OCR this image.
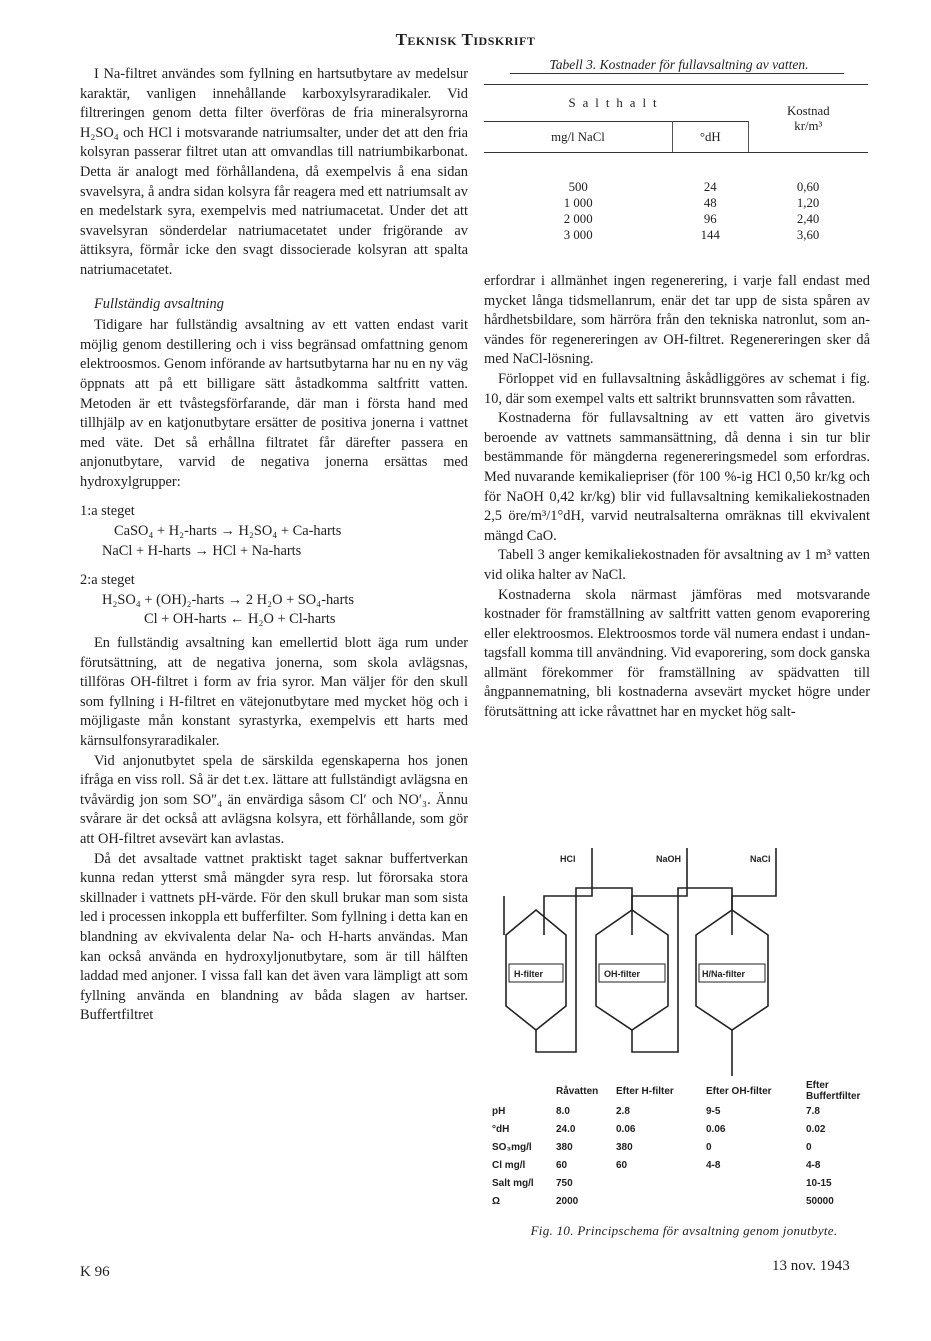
Teknisk Tidskrift

I Na-filtret användes som fyllning en hartsutbytare av medelsur karaktär, vanligen innehållande karboxylsyraradikaler. Vid filtreringen genom detta filter överföras de fria mineralsyrorna H₂SO₄ och HCl i motsvarande natriumsalter, under det att den fria kolsyran passerar filtret utan att omvandlas till natriumbikarbonat. Detta är analogt med förhållandena, då exempelvis å ena sidan svavelsyra, å andra sidan kolsyra får reagera med ett natriumsalt av en medelstark syra, exempelvis med natriumacetat. Under det att svavelsyran sönderdelar natriumacetatet under frigörande av ättiksyra, förmår icke den svagt dissocierade kolsyran att spalta natriumacetatet.

Fullständig avsaltning

Tidigare har fullständig avsaltning av ett vatten endast varit möjlig genom destillering och i viss begränsad omfattning genom elektroosmos. Genom införande av hartsutbytarna har nu en ny väg öppnats att på ett billigare sätt åstadkomma saltfritt vatten. Metoden är ett tvåstegsförfarande, där man i första hand med tillhjälp av en katjonutbytare ersätter de positiva jonerna i vattnet med väte. Det så erhållna filtratet får därefter passera en anjonutbytare, varvid de negativa jonerna ersättas med hydroxylgrupper:

1:a steget
CaSO₄ + H₂-harts → H₂SO₄ + Ca-harts
NaCl + H-harts → HCl + Na-harts
2:a steget
H₂SO₄ + (OH)₂-harts → 2 H₂O + SO₄-harts
Cl + OH-harts ← H₂O + Cl-harts

En fullständig avsaltning kan emellertid blott äga rum under förutsättning, att de negativa jonerna, som skola avlägsnas, tillföras OH-filtret i form av fria syror. Man väljer för den skull som fyllning i H-filtret en vätejonutbytare med mycket hög och i möjligaste mån konstant syrastyrka, exempelvis ett harts med kärnsulfonsyraradikaler.

Vid anjonutbytet spela de särskilda egenskaperna hos jonen ifråga en viss roll. Så är det t.ex. lättare att fullständigt avlägsna en tvåvärdig jon som SO″₄ än envärdiga såsom Cl′ och NO′₃. Ännu svårare är det också att avlägsna kolsyra, ett förhållande, som gör att OH-filtret avsevärt kan avlastas.

Då det avsaltade vattnet praktiskt taget saknar buffertverkan kunna redan ytterst små mängder syra resp. lut förorsaka stora skillnader i vattnets pH-värde. För den skull brukar man som sista led i processen inkoppla ett bufferfilter. Som fyllning i detta kan en blandning av ekvivalenta delar Na- och H-harts användas. Man kan också använda en hydroxyljonutbytare, som är till hälften laddad med anjoner. I vissa fall kan det även vara lämpligt att som fyllning använda en blandning av båda slagen av hartser. Buffertfiltret

Tabell 3. Kostnader för fullavsaltning av vatten.
Salthalt		Kostnad
kr/m³
mg/l NaCl	°dH	
500	24	0,60
1 000	48	1,20
2 000	96	2,40
3 000	144	3,60

erfordrar i allmänhet ingen regenerering, i varje fall endast med mycket långa tidsmellanrum, enär det tar upp de sista spåren av hårdhetsbildare, som härröra från den tekniska natronlut, som användes för regenereringen av OH-filtret. Regenereringen sker då med NaCl-lösning.

Förloppet vid en fullavsaltning åskådliggöres av schemat i fig. 10, där som exempel valts ett saltrikt brunnsvatten som råvatten.

Kostnaderna för fullavsaltning av ett vatten äro givetvis beroende av vattnets sammansättning, då denna i sin tur blir bestämmande för mängderna regenereringsmedel som erfordras. Med nuvarande kemikaliepriser (för 100 %-ig HCl 0,50 kr/kg och för NaOH 0,42 kr/kg) blir vid fullavsaltning kemikaliekostnaden 2,5 öre/m³/1°dH, varvid neutralsalterna omräknas till ekvivalent mängd CaO.

Tabell 3 anger kemikaliekostnaden för avsaltning av 1 m³ vatten vid olika halter av NaCl.

Kostnaderna skola närmast jämföras med motsvarande kostnader för framställning av saltfritt vatten genom evaporering eller elektroosmos. Elektroosmos torde väl numera endast i undantagsfall komma till användning. Vid evaporering, som dock ganska allmänt förekommer för framställning av spädvatten till ångpannematning, bli kostnaderna avsevärt mycket högre under förutsättning att icke råvattnet har en mycket hög salt-

HCl	NaOH	NaCl
H-filter	OH-filter	H/Na-filter
	Råvatten	Efter H-filter	Efter OH-filter	Efter Buffertfilter
pH	8.0	2.8	9-5	7.8
°dH	24.0	0.06	0.06	0.02
SO₃mg/l	380	380	0	0
Cl mg/l	60	60	4-8	4-8
Salt mg/l	750			10-15
Ω	2000			50000
Fig. 10. Principschema för avsaltning genom jonutbyte.
K 96	13 nov. 1943
